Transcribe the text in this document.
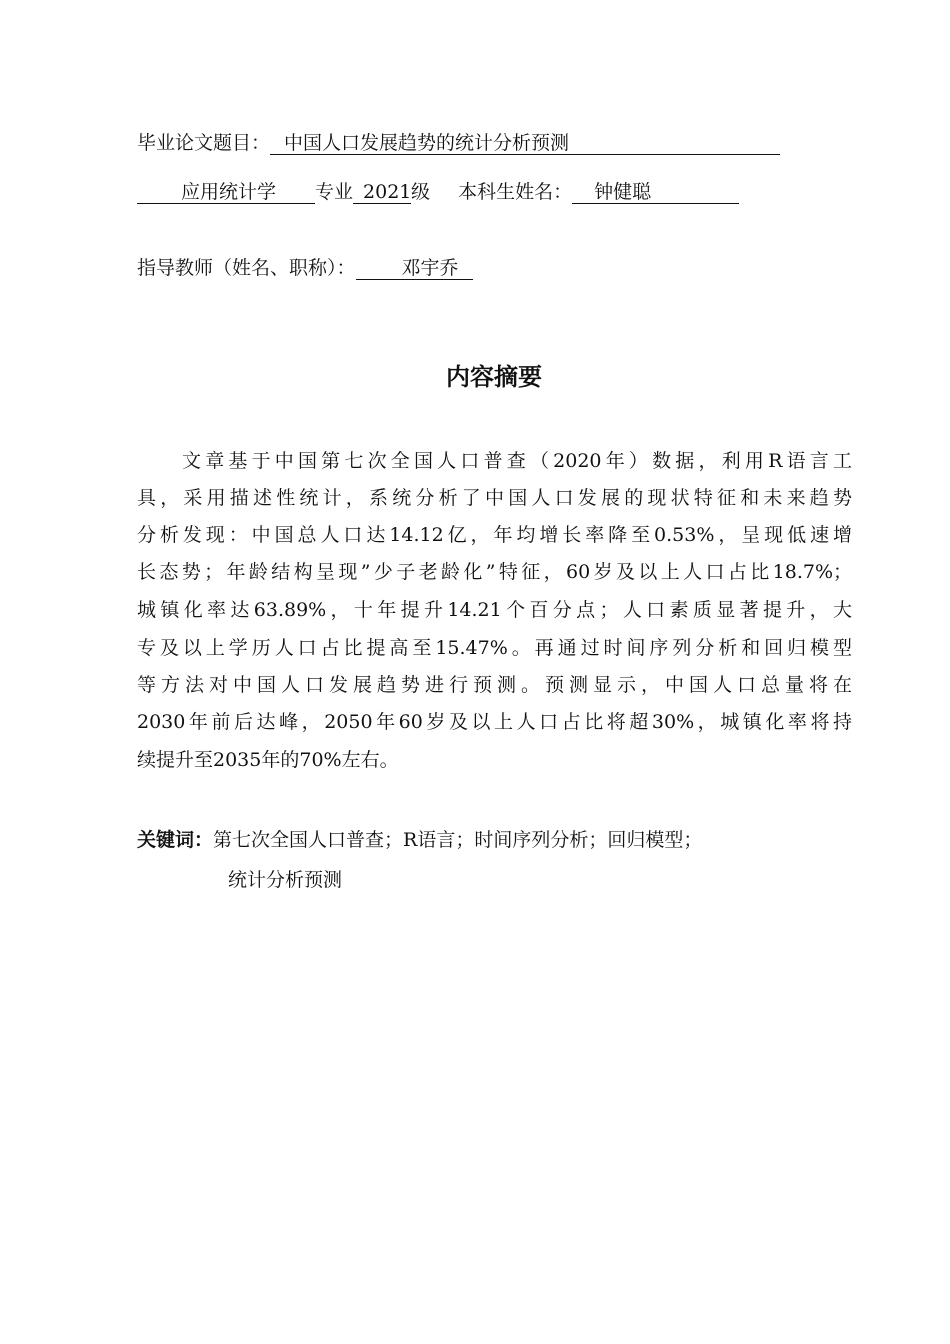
毕业论文题目： 中国人口发展趋势的统计分析预测
应用统计学 专业 2021级 本科生姓名： 钟健聪
指导教师（姓名、职称）： 邓宇乔
内容摘要
文章基于中国第七次全国人口普查（2020年）数据，利用R语言工
具，采用描述性统计，系统分析了中国人口发展的现状特征和未来趋势
分析发现：中国总人口达14.12亿，年均增长率降至0.53%，呈现低速增
长态势；年龄结构呈现”少子老龄化”特征，60岁及以上人口占比18.7%；
城镇化率达63.89%，十年提升14.21个百分点；人口素质显著提升，大
专及以上学历人口占比提高至15.47%。再通过时间序列分析和回归模型
等方法对中国人口发展趋势进行预测。预测显示，中国人口总量将在
2030年前后达峰，2050年60岁及以上人口占比将超30%，城镇化率将持
续提升至2035年的70%左右。
关键词：第七次全国人口普查；R语言；时间序列分析；回归模型；
统计分析预测
